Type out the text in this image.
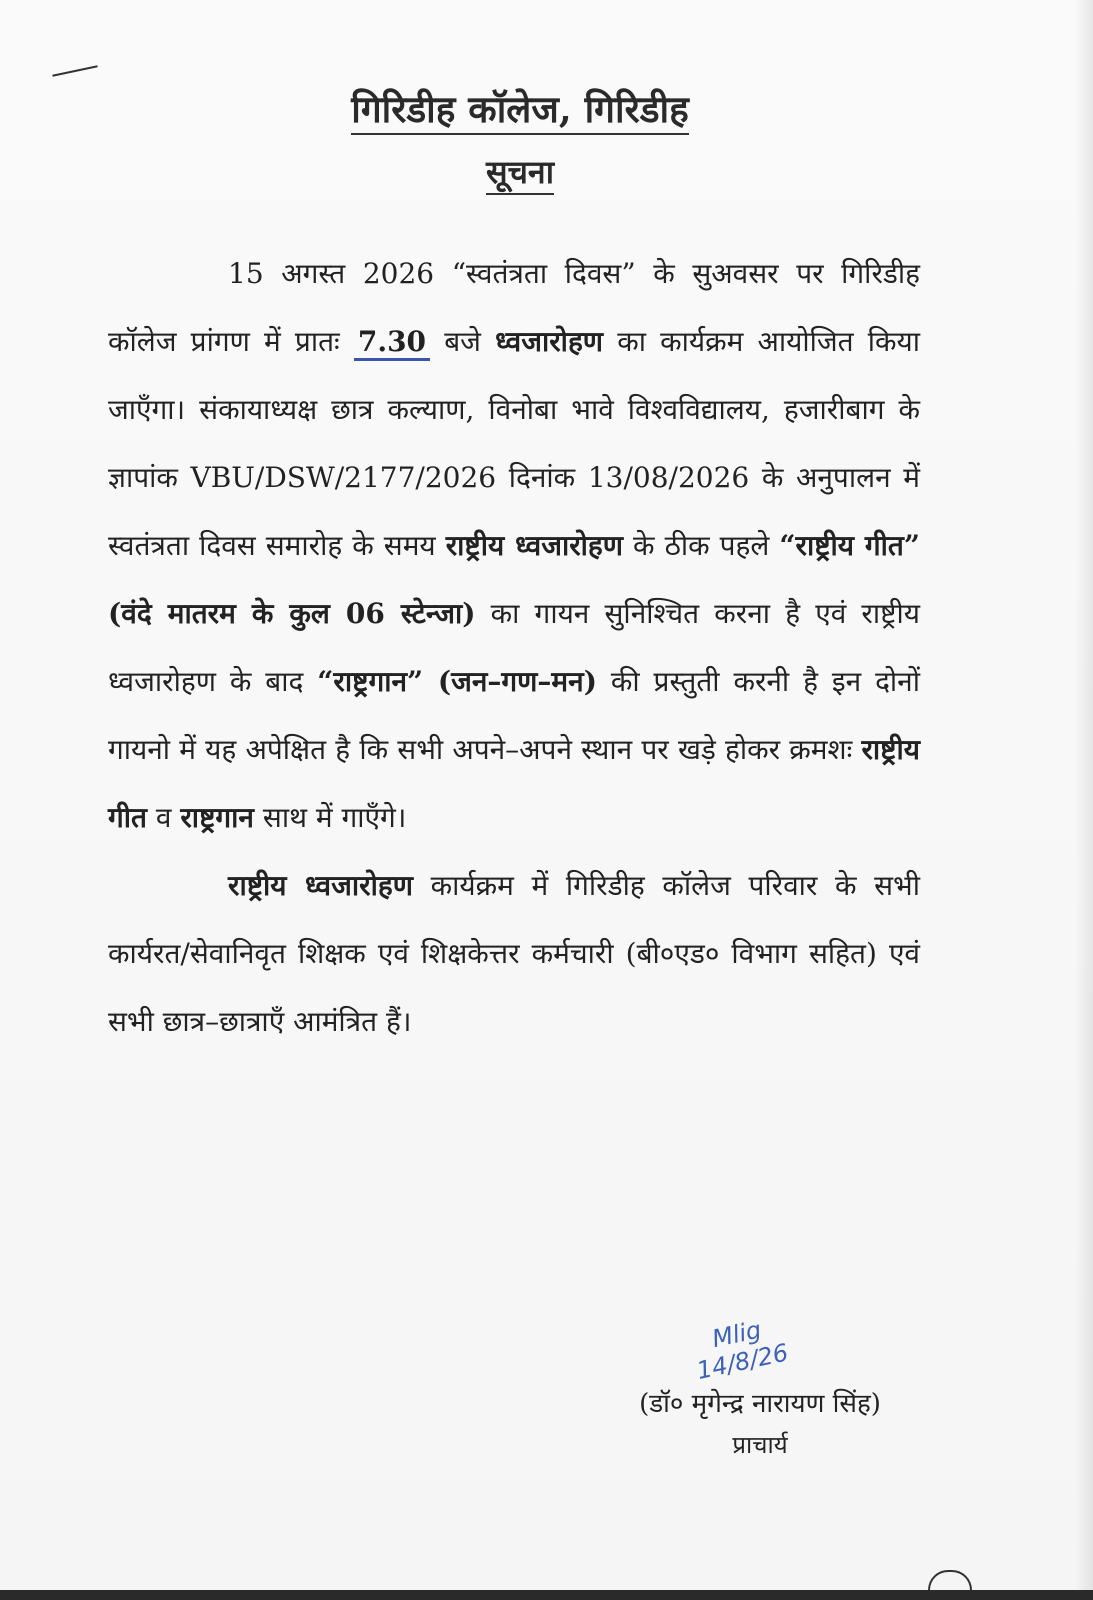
गिरिडीह कॉलेज, गिरिडीह
सूचना

15 अगस्त 2026 “स्वतंत्रता दिवस” के सुअवसर पर गिरिडीह कॉलेज प्रांगण में प्रातः 7.30 बजे ध्वजारोहण का कार्यक्रम आयोजित किया जाएँगा। संकायाध्यक्ष छात्र कल्याण, विनोबा भावे विश्वविद्यालय, हजारीबाग के ज्ञापांक VBU/DSW/2177/2026 दिनांक 13/08/2026 के अनुपालन में स्वतंत्रता दिवस समारोह के समय राष्ट्रीय ध्वजारोहण के ठीक पहले “राष्ट्रीय गीत” (वंदे मातरम के कुल 06 स्टेन्जा) का गायन सुनिश्चित करना है एवं राष्ट्रीय ध्वजारोहण के बाद “राष्ट्रगान” (जन–गण–मन) की प्रस्तुती करनी है इन दोनों गायनो में यह अपेक्षित है कि सभी अपने–अपने स्थान पर खड़े होकर क्रमशः राष्ट्रीय गीत व राष्ट्रगान साथ में गाएँगे।

राष्ट्रीय ध्वजारोहण कार्यक्रम में गिरिडीह कॉलेज परिवार के सभी कार्यरत/सेवानिवृत शिक्षक एवं शिक्षकेत्तर कर्मचारी (बी०एड० विभाग सहित) एवं सभी छात्र–छात्राएँ आमंत्रित हैं।

Mlig 14/8/26
(डॉ० मृगेन्द्र नारायण सिंह)
प्राचार्य
